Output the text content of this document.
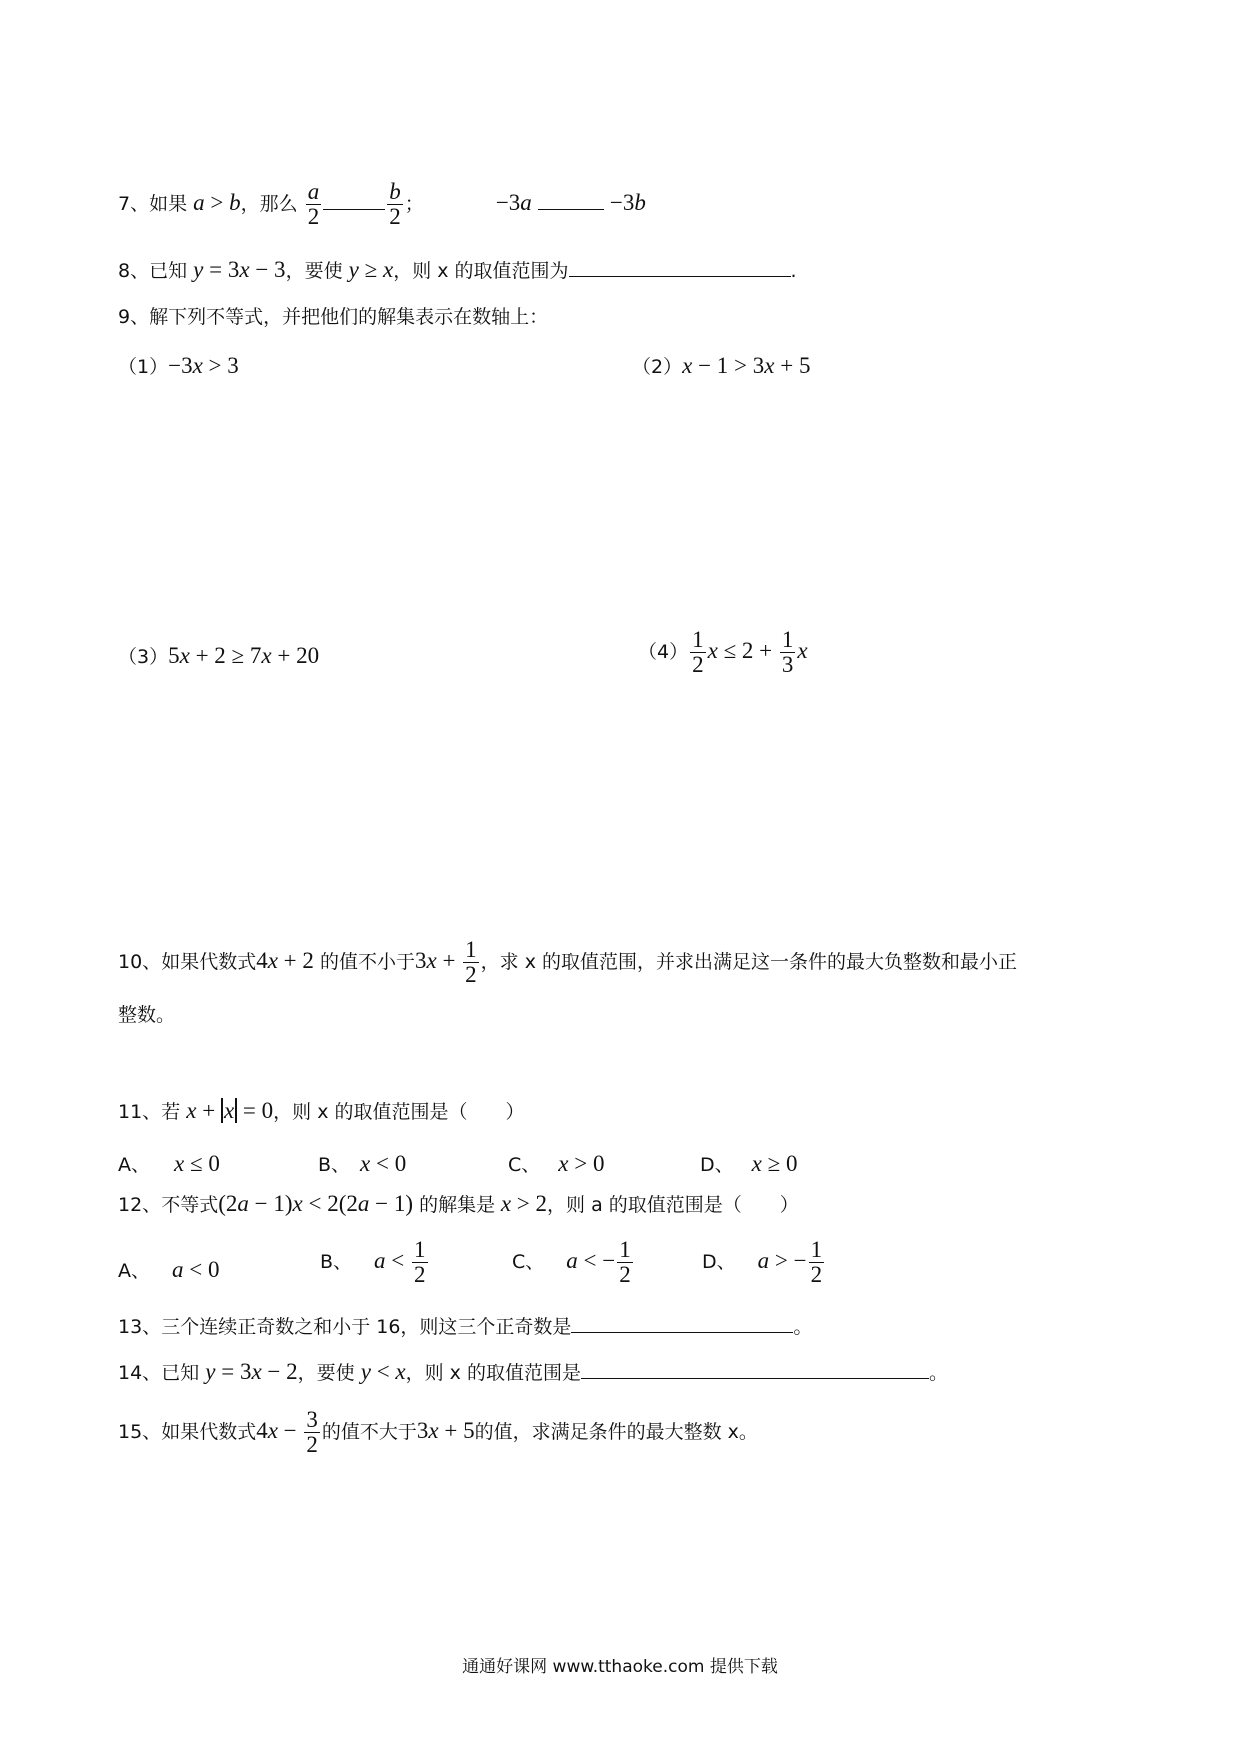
7、如果 a > b，那么 $\frac{a}{2}$	$\frac{b}{2}$ ；	−3a	−3b
8、已知 y = 3x − 3，要使 y ≥ x，则 x 的取值范围为	.
9、解下列不等式，并把他们的解集表示在数轴上：
（1）−3x > 3	（2）x − 1 > 3x + 5
（3）5x + 2 ≥ 7x + 20	$(4) \frac{1}{2}$ $x \le 2 + \frac{1}{3}$ x
10、如果代数式4x + 2 的值不小于$3x + \frac{1}{2}$ ，求 x 的取值范围，并求出满足这一条件的最大负整数和最小正
整数。
11、若 x + x = 0，则 x 的取值范围是（　　）
A、 x ≤ 0	B、 x < 0	C、 x > 0	D、 x ≥ 0
12、不等式(2a − 1)x < 2(2a − 1) 的解集是 x > 2，则 a 的取值范围是（　　）
A、 a < 0	B、 $a < \frac{1}{2}$	C、 a < − $\frac{1}{2}$	D、 a > − $\frac{1}{2}$
13、三个连续正奇数之和小于 16，则这三个正奇数是	。
14、已知 y = 3x − 2，要使 y < x，则 x 的取值范围是	。
15、如果代数式$4x - \frac{3}{2}$ 的值不大于3x + 5的值，求满足条件的最大整数 x。
通通好课网 www.tthaoke.com 提供下载
